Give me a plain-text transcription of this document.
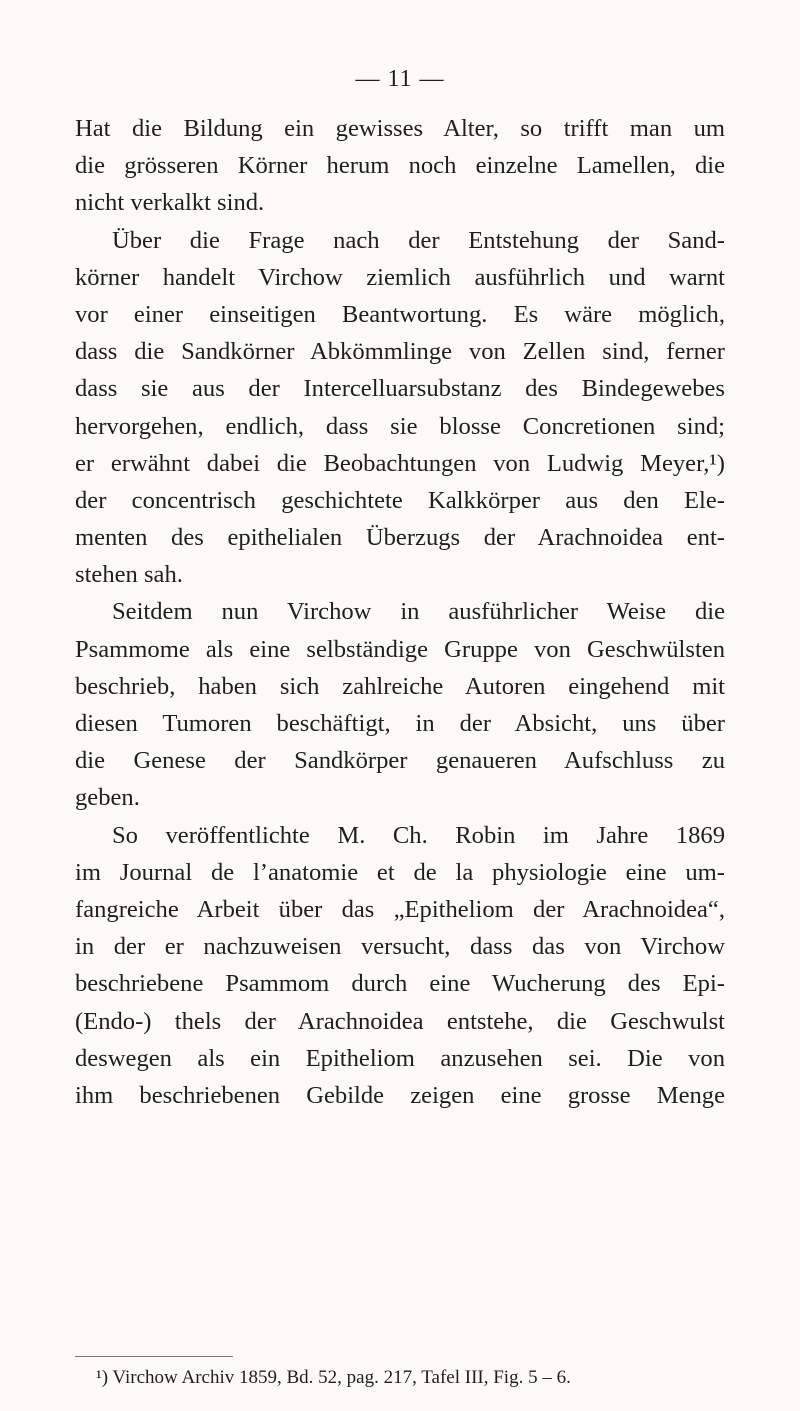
— 11 —
Hat die Bildung ein gewisses Alter, so trifft man um
die grösseren Körner herum noch einzelne Lamellen, die
nicht verkalkt sind.
Über die Frage nach der Entstehung der Sand-
körner handelt Virchow ziemlich ausführlich und warnt
vor einer einseitigen Beantwortung. Es wäre möglich,
dass die Sandkörner Abkömmlinge von Zellen sind, ferner
dass sie aus der Intercelluarsubstanz des Bindegewebes
hervorgehen, endlich, dass sie blosse Concretionen sind;
er erwähnt dabei die Beobachtungen von Ludwig Meyer,¹)
der concentrisch geschichtete Kalkkörper aus den Ele-
menten des epithelialen Überzugs der Arachnoidea ent-
stehen sah.
Seitdem nun Virchow in ausführlicher Weise die
Psammome als eine selbständige Gruppe von Geschwülsten
beschrieb, haben sich zahlreiche Autoren eingehend mit
diesen Tumoren beschäftigt, in der Absicht, uns über
die Genese der Sandkörper genaueren Aufschluss zu
geben.
So veröffentlichte M. Ch. Robin im Jahre 1869
im Journal de l’anatomie et de la physiologie eine um-
fangreiche Arbeit über das „Epitheliom der Arachnoidea“,
in der er nachzuweisen versucht, dass das von Virchow
beschriebene Psammom durch eine Wucherung des Epi-
(Endo-) thels der Arachnoidea entstehe, die Geschwulst
deswegen als ein Epitheliom anzusehen sei. Die von
ihm beschriebenen Gebilde zeigen eine grosse Menge
¹) Virchow Archiv 1859, Bd. 52, pag. 217, Tafel III, Fig. 5 – 6.
